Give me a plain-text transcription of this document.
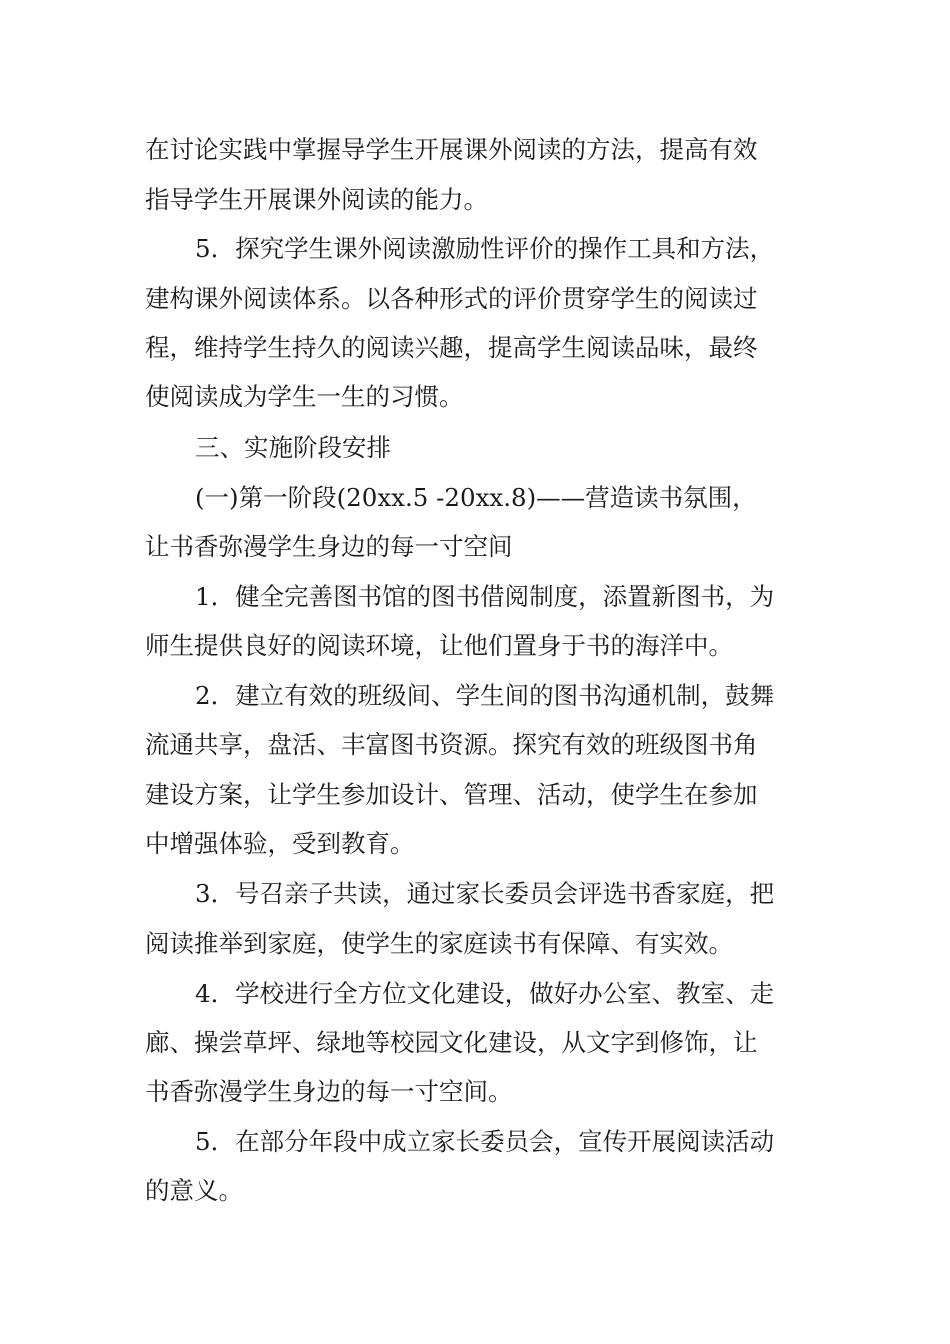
在讨论实践中掌握导学生开展课外阅读的方法，提高有效
指导学生开展课外阅读的能力。
5．探究学生课外阅读激励性评价的操作工具和方法，
建构课外阅读体系。以各种形式的评价贯穿学生的阅读过
程，维持学生持久的阅读兴趣，提高学生阅读品味，最终
使阅读成为学生一生的习惯。
三、实施阶段安排
(一)第一阶段(20xx.5 -20xx.8)——营造读书氛围，
让书香弥漫学生身边的每一寸空间
1．健全完善图书馆的图书借阅制度，添置新图书，为
师生提供良好的阅读环境，让他们置身于书的海洋中。
2．建立有效的班级间、学生间的图书沟通机制，鼓舞
流通共享，盘活、丰富图书资源。探究有效的班级图书角
建设方案，让学生参加设计、管理、活动，使学生在参加
中增强体验，受到教育。
3．号召亲子共读，通过家长委员会评选书香家庭，把
阅读推举到家庭，使学生的家庭读书有保障、有实效。
4．学校进行全方位文化建设，做好办公室、教室、走
廊、操尝草坪、绿地等校园文化建设，从文字到修饰，让
书香弥漫学生身边的每一寸空间。
5．在部分年段中成立家长委员会，宣传开展阅读活动
的意义。
